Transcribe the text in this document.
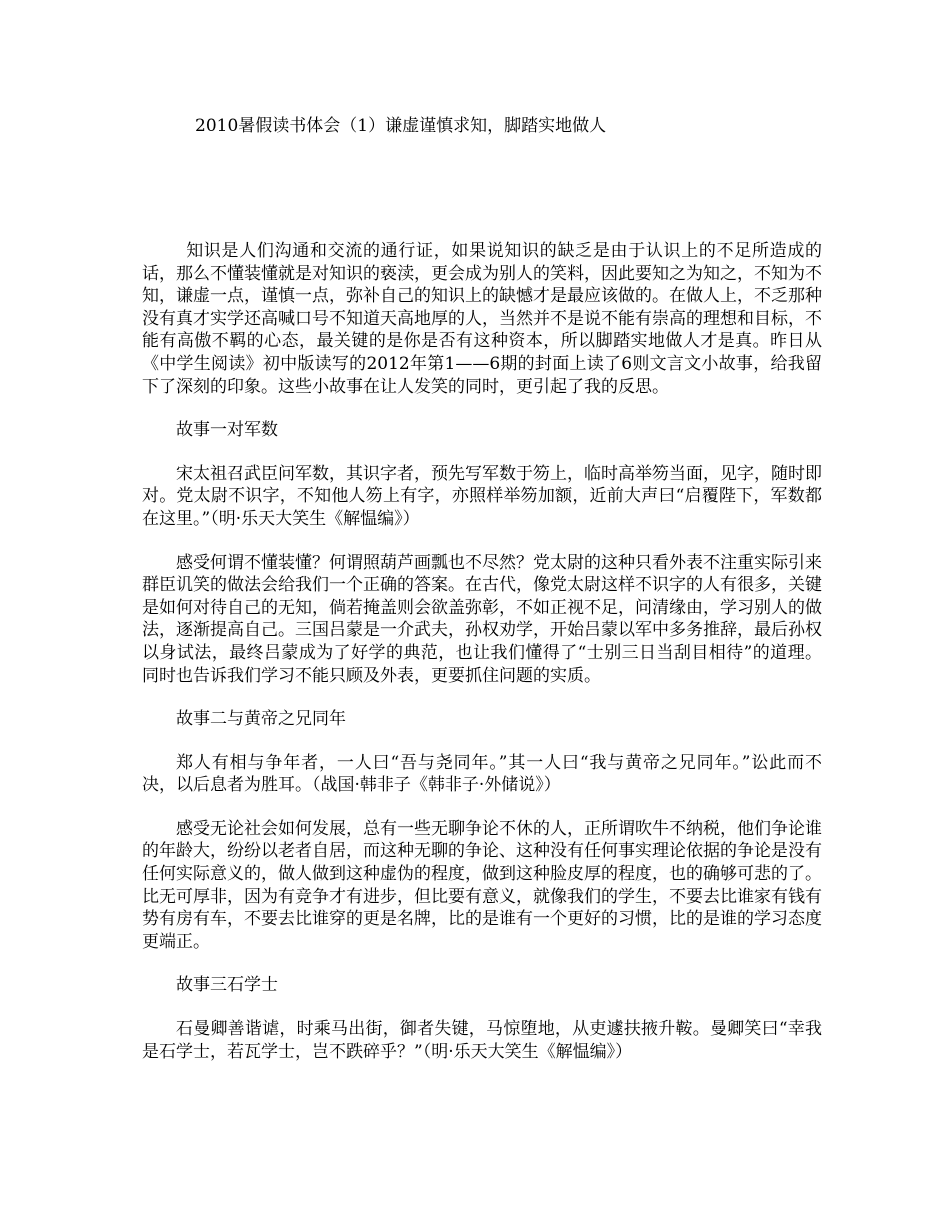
2010暑假读书体会（1）谦虚谨慎求知，脚踏实地做人

知识是人们沟通和交流的通行证，如果说知识的缺乏是由于认识上的不足所造成的话，那么不懂装懂就是对知识的亵渎，更会成为别人的笑料，因此要知之为知之，不知为不知，谦虚一点，谨慎一点，弥补自己的知识上的缺憾才是最应该做的。在做人上，不乏那种没有真才实学还高喊口号不知道天高地厚的人，当然并不是说不能有崇高的理想和目标，不能有高傲不羁的心态，最关键的是你是否有这种资本，所以脚踏实地做人才是真。昨日从《中学生阅读》初中版读写的2012年第1——6期的封面上读了6则文言文小故事，给我留下了深刻的印象。这些小故事在让人发笑的同时，更引起了我的反思。

故事一对军数

宋太祖召武臣问军数，其识字者，预先写军数于笏上，临时高举笏当面，见字，随时即对。党太尉不识字，不知他人笏上有字，亦照样举笏加额，近前大声曰“启覆陛下，军数都在这里。”（明·乐天大笑生《解愠编》）

感受何谓不懂装懂？何谓照葫芦画瓢也不尽然？党太尉的这种只看外表不注重实际引来群臣讥笑的做法会给我们一个正确的答案。在古代，像党太尉这样不识字的人有很多，关键是如何对待自己的无知，倘若掩盖则会欲盖弥彰，不如正视不足，问清缘由，学习别人的做法，逐渐提高自己。三国吕蒙是一介武夫，孙权劝学，开始吕蒙以军中多务推辞，最后孙权以身试法，最终吕蒙成为了好学的典范，也让我们懂得了“士别三日当刮目相待”的道理。同时也告诉我们学习不能只顾及外表，更要抓住问题的实质。

故事二与黄帝之兄同年

郑人有相与争年者，一人曰“吾与尧同年。”其一人曰“我与黄帝之兄同年。”讼此而不决，以后息者为胜耳。（战国·韩非子《韩非子·外储说》）

感受无论社会如何发展，总有一些无聊争论不休的人，正所谓吹牛不纳税，他们争论谁的年龄大，纷纷以老者自居，而这种无聊的争论、这种没有任何事实理论依据的争论是没有任何实际意义的，做人做到这种虚伪的程度，做到这种脸皮厚的程度，也的确够可悲的了。比无可厚非，因为有竞争才有进步，但比要有意义，就像我们的学生，不要去比谁家有钱有势有房有车，不要去比谁穿的更是名牌，比的是谁有一个更好的习惯，比的是谁的学习态度更端正。

故事三石学士

石曼卿善谐谑，时乘马出街，御者失键，马惊堕地，从吏遽扶掖升鞍。曼卿笑曰“幸我是石学士，若瓦学士，岂不跌碎乎？”（明·乐天大笑生《解愠编》）
